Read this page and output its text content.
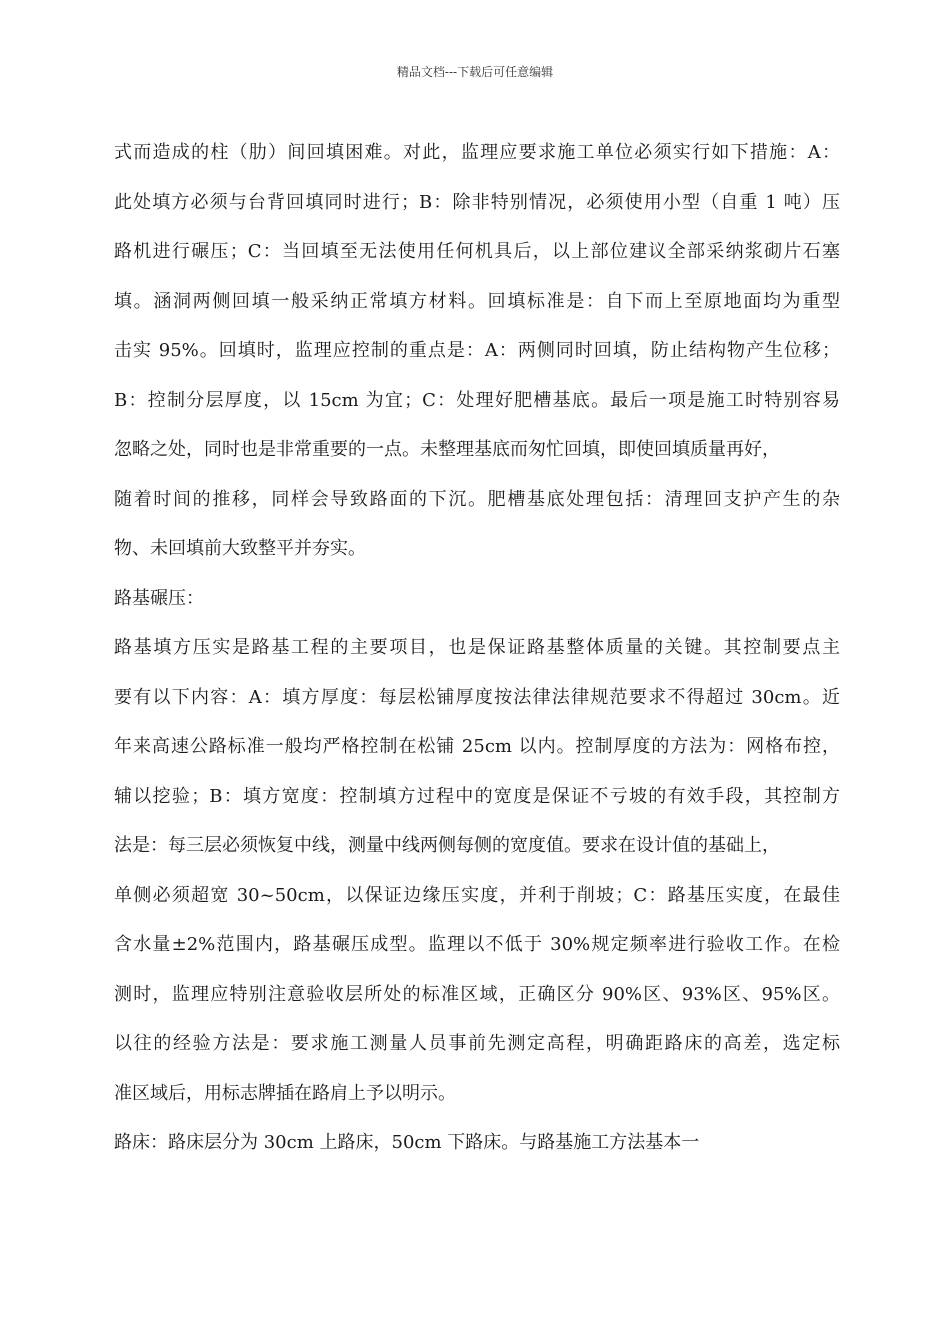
精品文档---下载后可任意编辑
式而造成的柱（肋）间回填困难。对此，监理应要求施工单位必须实行如下措施：A：
此处填方必须与台背回填同时进行；B：除非特别情况，必须使用小型（自重 1 吨）压
路机进行碾压；C：当回填至无法使用任何机具后，以上部位建议全部采纳浆砌片石塞
填。涵洞两侧回填一般采纳正常填方材料。回填标准是：自下而上至原地面均为重型
击实 95%。回填时，监理应控制的重点是：A：两侧同时回填，防止结构物产生位移；
B：控制分层厚度，以 15cm 为宜；C：处理好肥槽基底。最后一项是施工时特别容易
忽略之处，同时也是非常重要的一点。未整理基底而匆忙回填，即使回填质量再好，
随着时间的推移，同样会导致路面的下沉。肥槽基底处理包括：清理回支护产生的杂
物、未回填前大致整平并夯实。
路基碾压：
路基填方压实是路基工程的主要项目，也是保证路基整体质量的关键。其控制要点主
要有以下内容：A：填方厚度：每层松铺厚度按法律法律规范要求不得超过 30cm。近
年来高速公路标准一般均严格控制在松铺 25cm 以内。控制厚度的方法为：网格布控，
辅以挖验；B：填方宽度：控制填方过程中的宽度是保证不亏坡的有效手段，其控制方
法是：每三层必须恢复中线，测量中线两侧每侧的宽度值。要求在设计值的基础上，
单侧必须超宽 30~50cm，以保证边缘压实度，并利于削坡；C：路基压实度，在最佳
含水量±2%范围内，路基碾压成型。监理以不低于 30%规定频率进行验收工作。在检
测时，监理应特别注意验收层所处的标准区域，正确区分 90%区、93%区、95%区。
以往的经验方法是：要求施工测量人员事前先测定高程，明确距路床的高差，选定标
准区域后，用标志牌插在路肩上予以明示。
路床：路床层分为 30cm 上路床，50cm 下路床。与路基施工方法基本一
